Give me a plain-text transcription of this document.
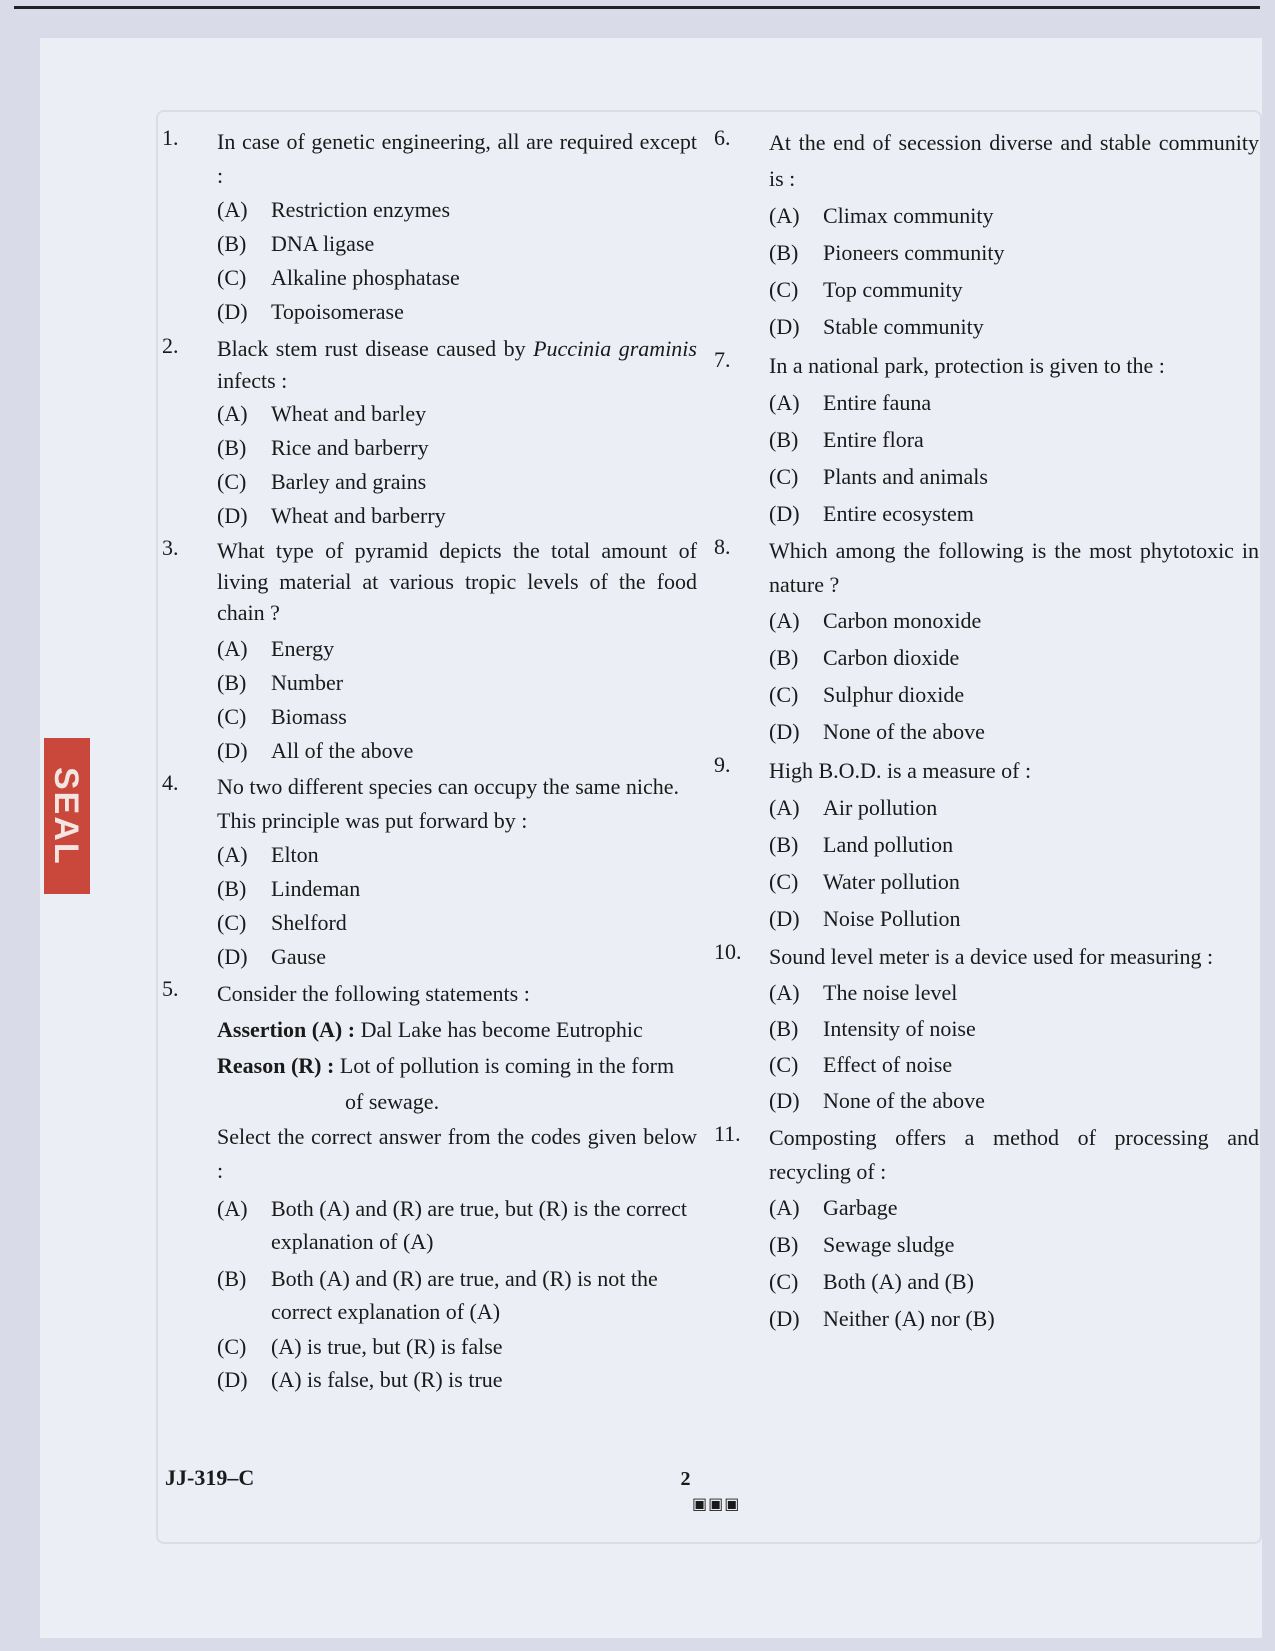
SEAL
1.	In case of genetic engineering, all are required except :

(A) Restriction enzymes
(B) DNA ligase
(C) Alkaline phosphatase
(D) Topoisomerase
2.	Black stem rust disease caused by Puccinia graminis infects :

(A) Wheat and barley
(B) Rice and barberry
(C) Barley and grains
(D) Wheat and barberry
3.	What type of pyramid depicts the total amount of living material at various tropic levels of the food chain ?

(A) Energy
(B) Number
(C) Biomass
(D) All of the above
4.	No two different species can occupy the same niche.

This principle was put forward by :

(A) Elton
(B) Lindeman
(C) Shelford
(D) Gause
5.	Consider the following statements :

Assertion (A) : Dal Lake has become Eutrophic

Reason (R) : Lot of pollution is coming in the form

of sewage.

Select the correct answer from the codes given below :

(A) Both (A) and (R) are true, but (R) is the correct explanation of (A)
(B) Both (A) and (R) are true, and (R) is not the correct explanation of (A)
(C) (A) is true, but (R) is false
(D) (A) is false, but (R) is true
6.	At the end of secession diverse and stable community is :

(A) Climax community
(B) Pioneers community
(C) Top community
(D) Stable community
7.	In a national park, protection is given to the :

(A) Entire fauna
(B) Entire flora
(C) Plants and animals
(D) Entire ecosystem
8.	Which among the following is the most phytotoxic in nature ?

(A) Carbon monoxide
(B) Carbon dioxide
(C) Sulphur dioxide
(D) None of the above
9.	High B.O.D. is a measure of :

(A) Air pollution
(B) Land pollution
(C) Water pollution
(D) Noise Pollution
10.	Sound level meter is a device used for measuring :

(A) The noise level
(B) Intensity of noise
(C) Effect of noise
(D) None of the above
11.	Composting offers a method of processing and recycling of :

(A) Garbage
(B) Sewage sludge
(C) Both (A) and (B)
(D) Neither (A) nor (B)
JJ-319–C	2
▣▣▣
